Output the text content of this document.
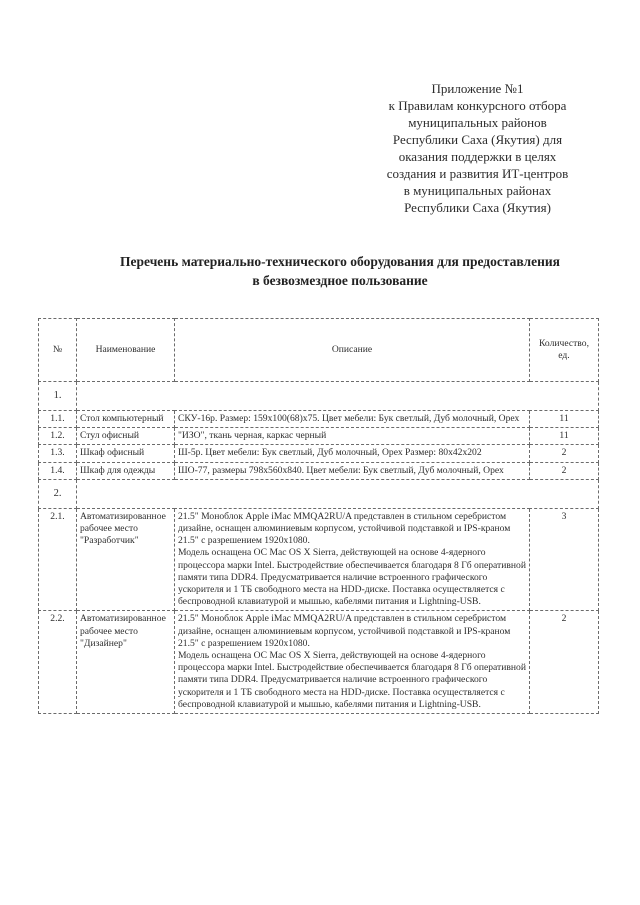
Приложение №1
к Правилам конкурсного отбора
муниципальных районов
Республики Саха (Якутия) для
оказания поддержки в целях
создания и развития ИТ-центров
в муниципальных районах
Республики Саха (Якутия)
Перечень материально-технического оборудования для предоставления
в безвозмездное пользование
№	Наименование	Описание	Количество, ед.
1.			
1.1.	Стол компьютерный	СКУ-16р. Размер: 159х100(68)х75. Цвет мебели: Бук светлый, Дуб молочный, Орех	11
1.2.	Стул офисный	"ИЗО", ткань черная, каркас черный	11
1.3.	Шкаф офисный	Ш-5р. Цвет мебели: Бук светлый, Дуб молочный, Орех Размер: 80х42х202	2
1.4.	Шкаф для одежды	ШО-77, размеры 798х560х840. Цвет мебели: Бук светлый, Дуб молочный, Орех	2
2.			
2.1.	Автоматизированное рабочее место "Разработчик"	21.5" Моноблок Apple iMac MMQA2RU/A представлен в стильном серебристом дизайне, оснащен алюминиевым корпусом, устойчивой подставкой и IPS-краном 21.5" с разрешением 1920х1080.
Модель оснащена ОС Mac OS X Sierra, действующей на основе 4-ядерного процессора марки Intel. Быстродействие обеспечивается благодаря 8 Гб оперативной памяти типа DDR4. Предусматривается наличие встроенного графического ускорителя и 1 ТБ свободного места на HDD-диске. Поставка осуществляется с беспроводной клавиатурой и мышью, кабелями питания и Lightning-USB.	3
2.2.	Автоматизированное рабочее место "Дизайнер"	21.5" Моноблок Apple iMac MMQA2RU/A представлен в стильном серебристом дизайне, оснащен алюминиевым корпусом, устойчивой подставкой и IPS-краном 21.5" с разрешением 1920х1080.
Модель оснащена ОС Mac OS X Sierra, действующей на основе 4-ядерного процессора марки Intel. Быстродействие обеспечивается благодаря 8 Гб оперативной памяти типа DDR4. Предусматривается наличие встроенного графического ускорителя и 1 ТБ свободного места на HDD-диске. Поставка осуществляется с беспроводной клавиатурой и мышью, кабелями питания и Lightning-USB.	2
